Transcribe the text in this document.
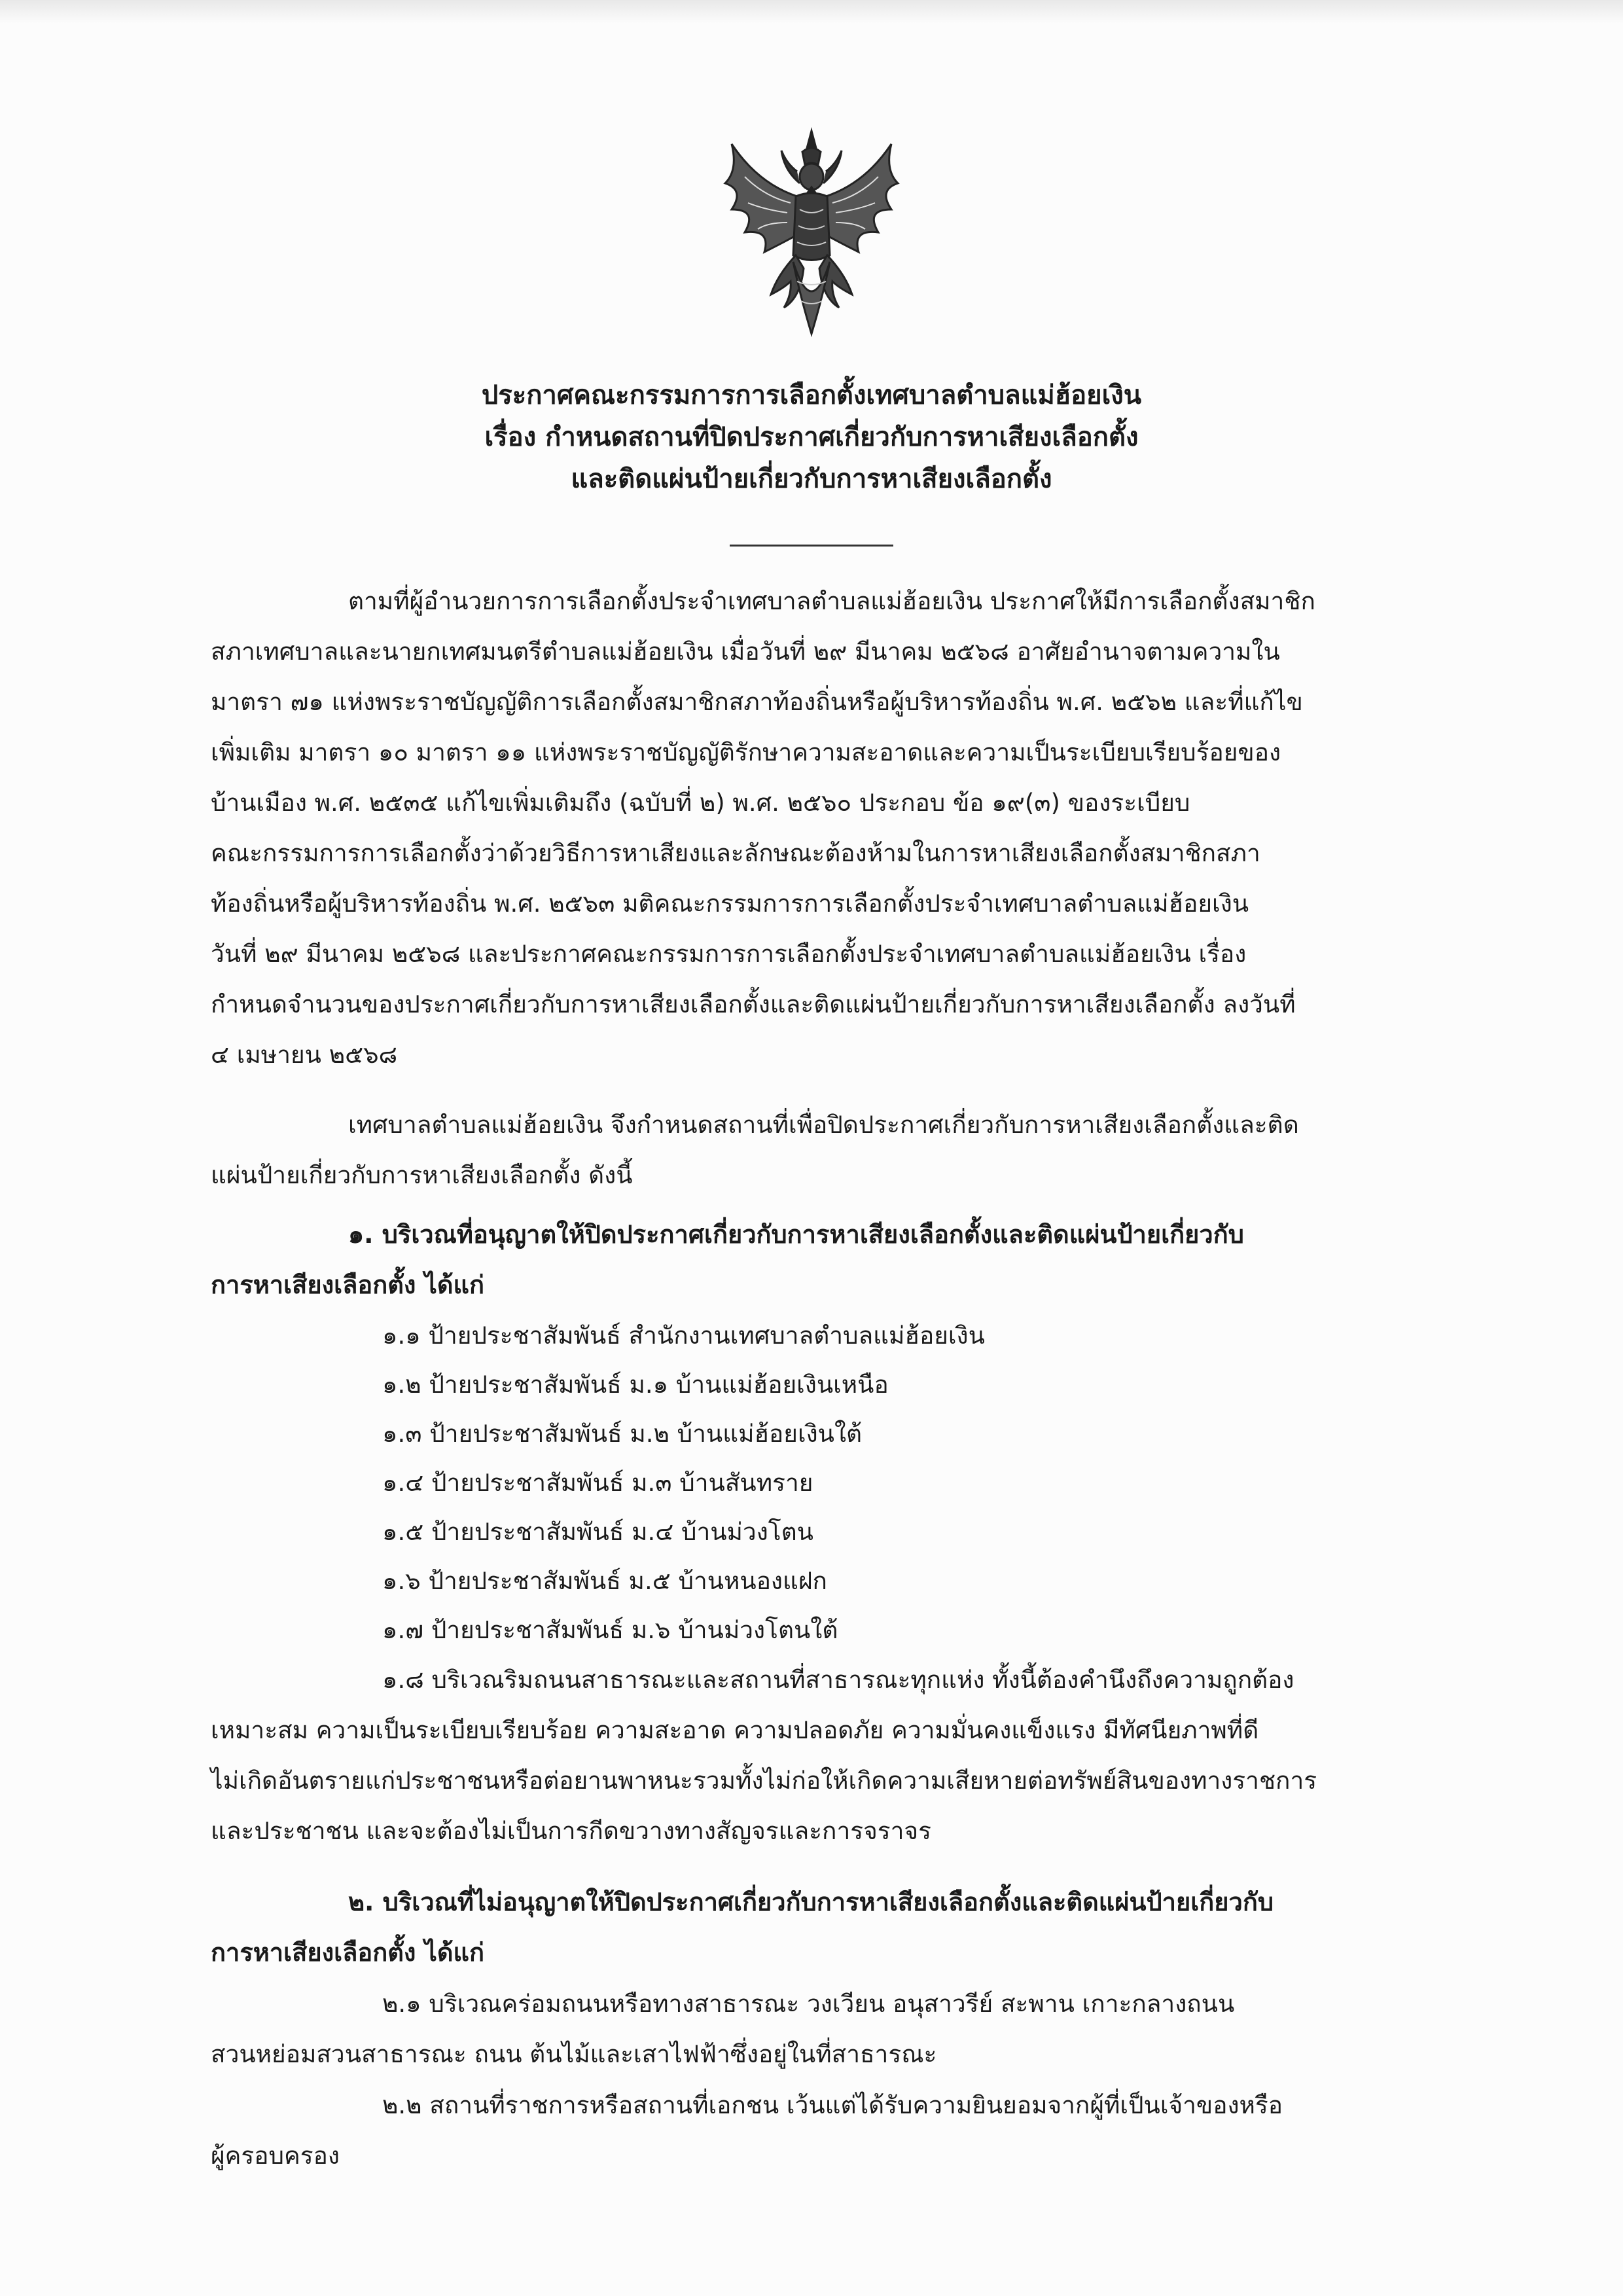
ประกาศคณะกรรมการการเลือกตั้งเทศบาลตำบลแม่ฮ้อยเงิน
เรื่อง กำหนดสถานที่ปิดประกาศเกี่ยวกับการหาเสียงเลือกตั้ง
และติดแผ่นป้ายเกี่ยวกับการหาเสียงเลือกตั้ง
ตามที่ผู้อำนวยการการเลือกตั้งประจำเทศบาลตำบลแม่ฮ้อยเงิน ประกาศให้มีการเลือกตั้งสมาชิก
สภาเทศบาลและนายกเทศมนตรีตำบลแม่ฮ้อยเงิน เมื่อวันที่ ๒๙ มีนาคม ๒๕๖๘ อาศัยอำนาจตามความใน
มาตรา ๗๑ แห่งพระราชบัญญัติการเลือกตั้งสมาชิกสภาท้องถิ่นหรือผู้บริหารท้องถิ่น พ.ศ. ๒๕๖๒ และที่แก้ไข
เพิ่มเติม มาตรา ๑๐ มาตรา ๑๑ แห่งพระราชบัญญัติรักษาความสะอาดและความเป็นระเบียบเรียบร้อยของ
บ้านเมือง พ.ศ. ๒๕๓๕ แก้ไขเพิ่มเติมถึง (ฉบับที่ ๒) พ.ศ. ๒๕๖๐ ประกอบ ข้อ ๑๙(๓) ของระเบียบ
คณะกรรมการการเลือกตั้งว่าด้วยวิธีการหาเสียงและลักษณะต้องห้ามในการหาเสียงเลือกตั้งสมาชิกสภา
ท้องถิ่นหรือผู้บริหารท้องถิ่น พ.ศ. ๒๕๖๓ มติคณะกรรมการการเลือกตั้งประจำเทศบาลตำบลแม่ฮ้อยเงิน
วันที่ ๒๙ มีนาคม ๒๕๖๘ และประกาศคณะกรรมการการเลือกตั้งประจำเทศบาลตำบลแม่ฮ้อยเงิน เรื่อง
กำหนดจำนวนของประกาศเกี่ยวกับการหาเสียงเลือกตั้งและติดแผ่นป้ายเกี่ยวกับการหาเสียงเลือกตั้ง ลงวันที่
๔ เมษายน ๒๕๖๘
เทศบาลตำบลแม่ฮ้อยเงิน จึงกำหนดสถานที่เพื่อปิดประกาศเกี่ยวกับการหาเสียงเลือกตั้งและติด
แผ่นป้ายเกี่ยวกับการหาเสียงเลือกตั้ง ดังนี้
๑. บริเวณที่อนุญาตให้ปิดประกาศเกี่ยวกับการหาเสียงเลือกตั้งและติดแผ่นป้ายเกี่ยวกับ
การหาเสียงเลือกตั้ง ได้แก่
๑.๑ ป้ายประชาสัมพันธ์ สำนักงานเทศบาลตำบลแม่ฮ้อยเงิน
๑.๒ ป้ายประชาสัมพันธ์ ม.๑ บ้านแม่ฮ้อยเงินเหนือ
๑.๓ ป้ายประชาสัมพันธ์ ม.๒ บ้านแม่ฮ้อยเงินใต้
๑.๔ ป้ายประชาสัมพันธ์ ม.๓ บ้านสันทราย
๑.๕ ป้ายประชาสัมพันธ์ ม.๔ บ้านม่วงโตน
๑.๖ ป้ายประชาสัมพันธ์ ม.๕ บ้านหนองแฝก
๑.๗ ป้ายประชาสัมพันธ์ ม.๖ บ้านม่วงโตนใต้
๑.๘ บริเวณริมถนนสาธารณะและสถานที่สาธารณะทุกแห่ง ทั้งนี้ต้องคำนึงถึงความถูกต้อง
เหมาะสม ความเป็นระเบียบเรียบร้อย ความสะอาด ความปลอดภัย ความมั่นคงแข็งแรง มีทัศนียภาพที่ดี
ไม่เกิดอันตรายแก่ประชาชนหรือต่อยานพาหนะรวมทั้งไม่ก่อให้เกิดความเสียหายต่อทรัพย์สินของทางราชการ
และประชาชน และจะต้องไม่เป็นการกีดขวางทางสัญจรและการจราจร
๒. บริเวณที่ไม่อนุญาตให้ปิดประกาศเกี่ยวกับการหาเสียงเลือกตั้งและติดแผ่นป้ายเกี่ยวกับ
การหาเสียงเลือกตั้ง ได้แก่
๒.๑ บริเวณคร่อมถนนหรือทางสาธารณะ วงเวียน อนุสาวรีย์ สะพาน เกาะกลางถนน
สวนหย่อมสวนสาธารณะ ถนน ต้นไม้และเสาไฟฟ้าซึ่งอยู่ในที่สาธารณะ
๒.๒ สถานที่ราชการหรือสถานที่เอกชน เว้นแต่ได้รับความยินยอมจากผู้ที่เป็นเจ้าของหรือ
ผู้ครอบครอง
